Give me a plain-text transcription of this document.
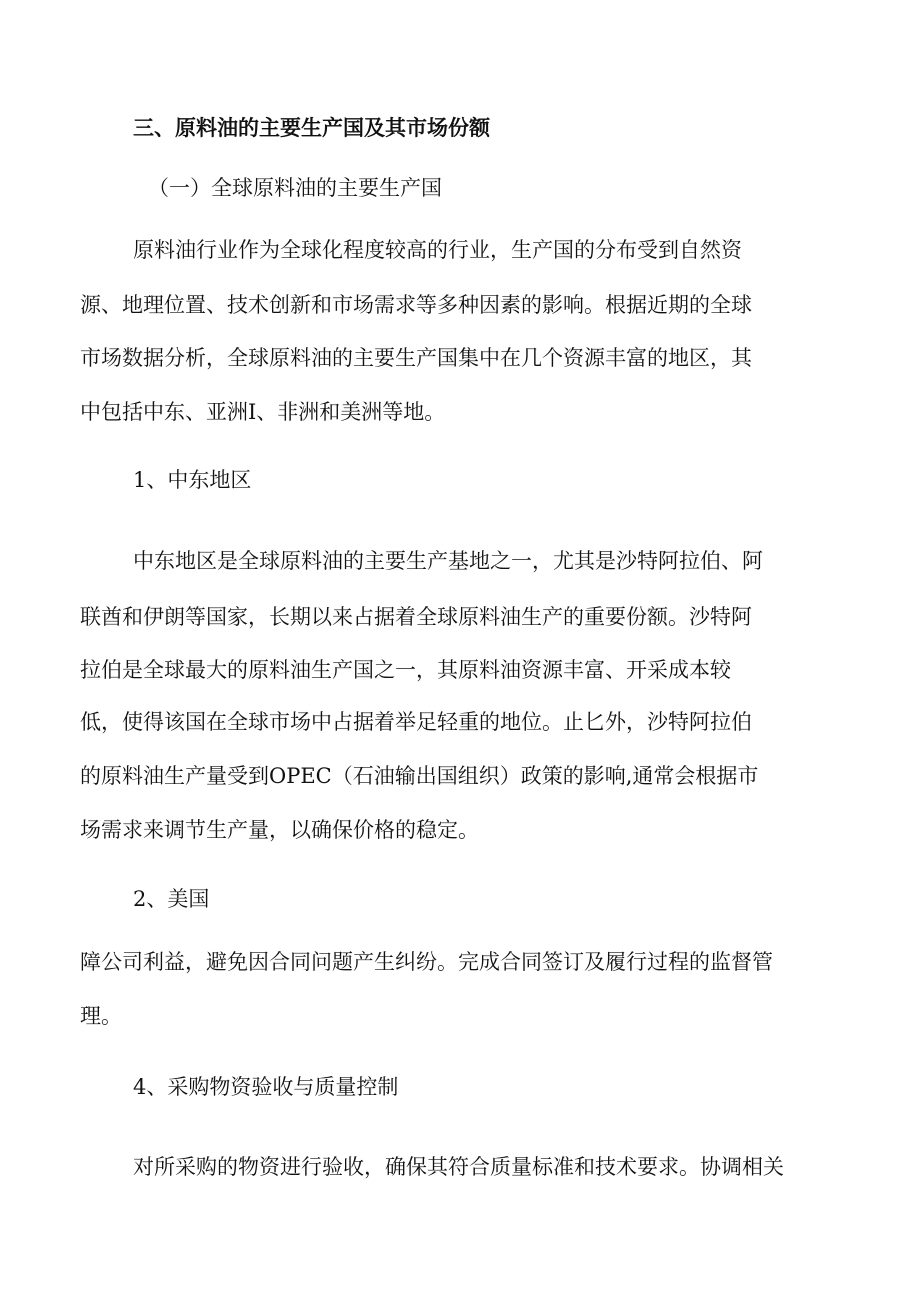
三、原料油的主要生产国及其市场份额
（一）全球原料油的主要生产国
原料油行业作为全球化程度较高的行业，生产国的分布受到自然资
源、地理位置、技术创新和市场需求等多种因素的影响。根据近期的全球
市场数据分析，全球原料油的主要生产国集中在几个资源丰富的地区，其
中包括中东、亚洲I、非洲和美洲等地。
1、中东地区
中东地区是全球原料油的主要生产基地之一，尤其是沙特阿拉伯、阿
联酋和伊朗等国家，长期以来占据着全球原料油生产的重要份额。沙特阿
拉伯是全球最大的原料油生产国之一，其原料油资源丰富、开采成本较
低，使得该国在全球市场中占据着举足轻重的地位。止匕外，沙特阿拉伯
的原料油生产量受到OPEC（石油输出国组织）政策的影响,通常会根据市
场需求来调节生产量，以确保价格的稳定。
2、美国
障公司利益，避免因合同问题产生纠纷。完成合同签订及履行过程的监督管
理。
4、采购物资验收与质量控制
对所采购的物资进行验收，确保其符合质量标准和技术要求。协调相关
